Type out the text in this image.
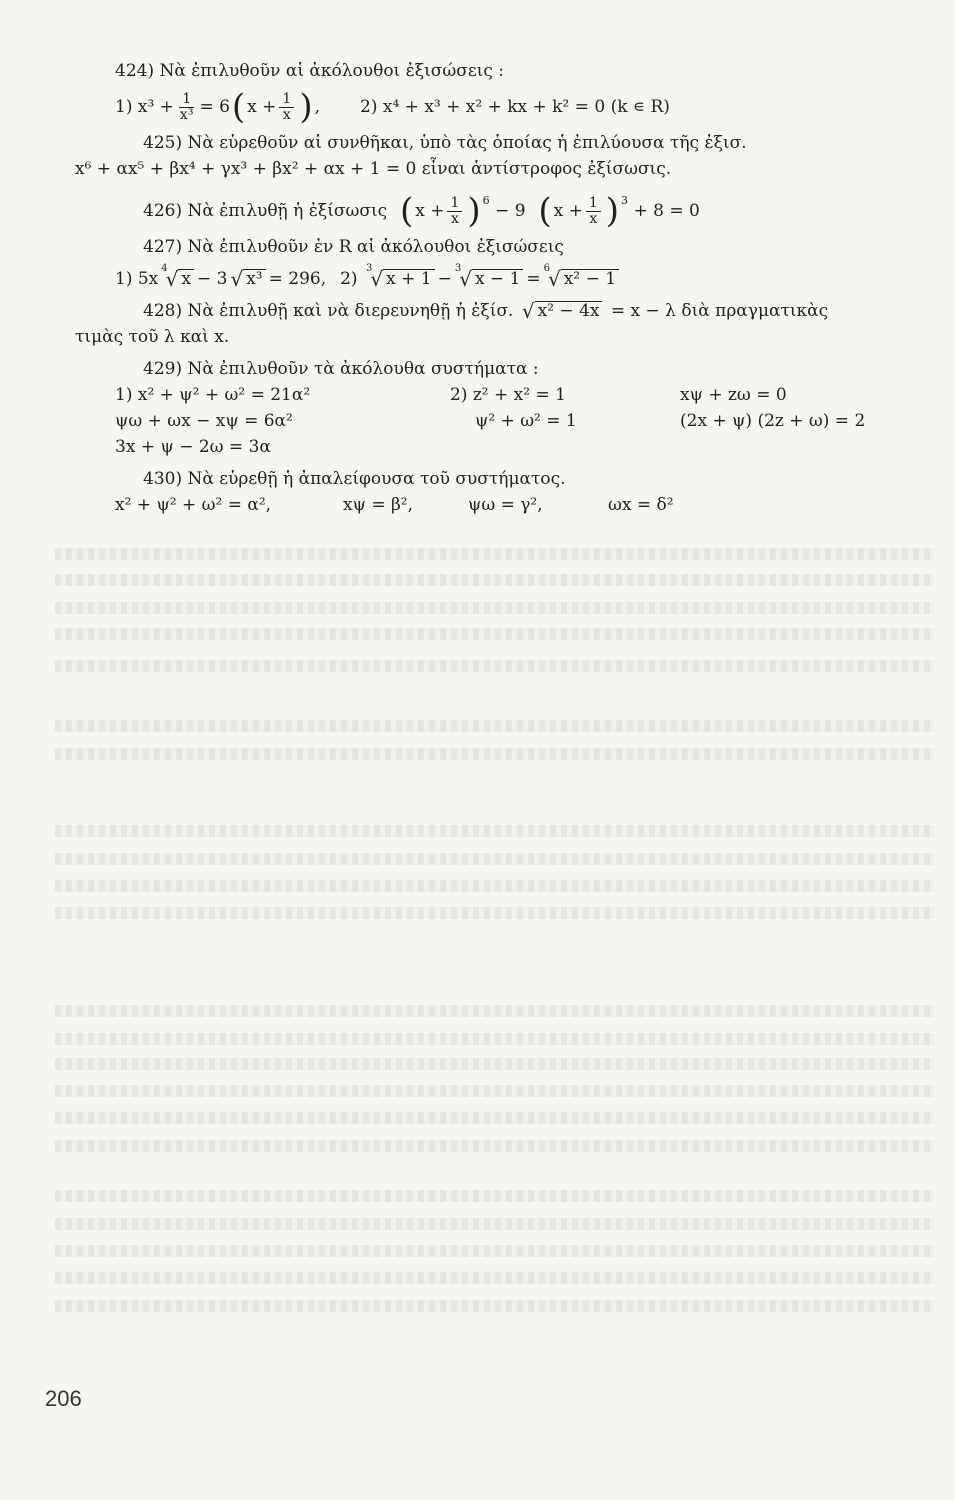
424) Νὰ ἐπιλυθοῦν αἱ ἀκόλουθοι ἐξισώσεις :
1)
$x^3 + \frac{1}{\text{x³}} = 6$ ( $x + \frac{1}{x}$ ) , 2)
x⁴ + x³ + x² + kx + k² = 0 (k ∊ R)
425) Νὰ εὑρεθοῦν αἱ συνθῆκαι, ὑπὸ τὰς ὁποίας ἡ ἐπιλύουσα τῆς ἐξισ.
x⁶ + αx⁵ + βx⁴ + γx³ + βx² + αx + 1 = 0 εἶναι ἀντίστροφος ἐξίσωσις.
426) Νὰ ἐπιλυθῇ ἡ ἐξίσωσις
( $x + \frac{1}{x} )^6$
− 9
( $x + \frac{1}{x} )^3$
+ 8 = 0
427) Νὰ ἐπιλυθοῦν ἐν R αἱ ἀκόλουθοι ἐξισώσεις
1)
5x
4
√ x − 3 √ x³ = 296, 2)

3
√ x + 1 −
3
√ x − 1 =
6
√ x² − 1
428) Νὰ ἐπιλυθῇ καὶ νὰ διερευνηθῇ ἡ ἐξίσ.
√ x² − 4x
= x − λ διὰ πραγματικὰς
τιμὰς τοῦ λ καὶ x.
429) Νὰ ἐπιλυθοῦν τὰ ἀκόλουθα συστήματα :
1) x² + ψ² + ω² = 21α²	2) z² + x² = 1	xψ + zω = 0
ψω + ωx − xψ = 6α²	ψ² + ω² = 1	(2x + ψ) (2z + ω) = 2
3x + ψ − 2ω = 3α
430) Νὰ εὑρεθῇ ἡ ἀπαλείφουσα τοῦ συστήματος.
x² + ψ² + ω² = α²,	xψ = β²,	ψω = γ²,	ωx = δ²
206
